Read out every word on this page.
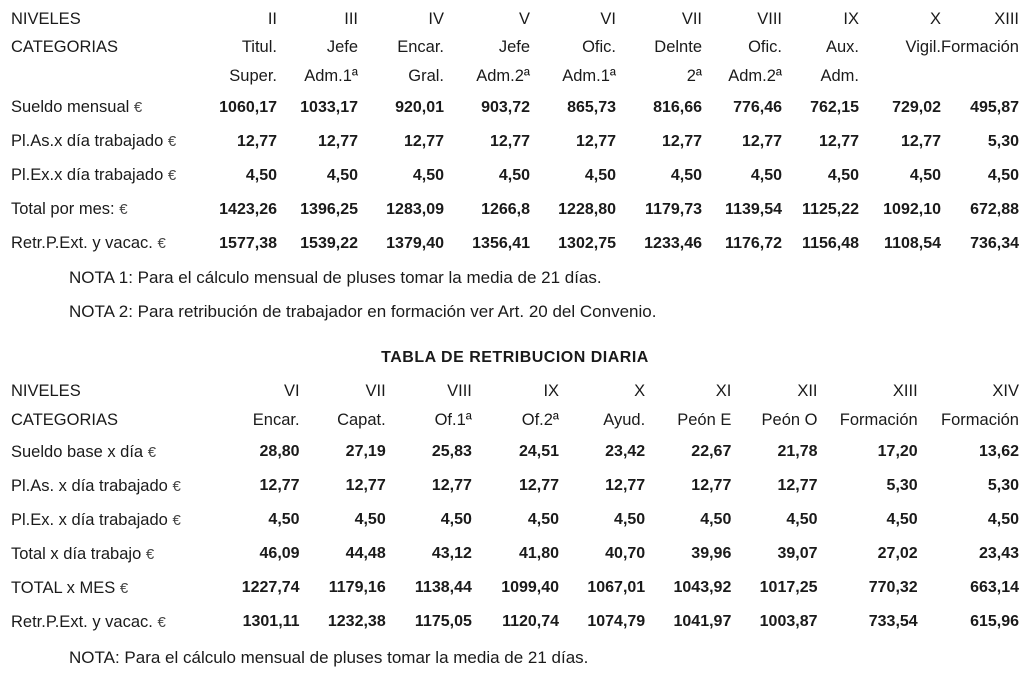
NIVELES	II	III	IV	V	VI	VII	VIII	IX	X	XIII
CATEGORIAS	Titul.	Jefe	Encar.	Jefe	Ofic.	Delnte	Ofic.	Aux.	Vigil.	Formación
	Super.	Adm.1ª	Gral.	Adm.2ª	Adm.1ª	2ª	Adm.2ª	Adm.		
Sueldo mensual €	1060,17	1033,17	920,01	903,72	865,73	816,66	776,46	762,15	729,02	495,87
Pl.As.x día trabajado €	12,77	12,77	12,77	12,77	12,77	12,77	12,77	12,77	12,77	5,30
Pl.Ex.x día trabajado €	4,50	4,50	4,50	4,50	4,50	4,50	4,50	4,50	4,50	4,50
Total por mes: €	1423,26	1396,25	1283,09	1266,8	1228,80	1179,73	1139,54	1125,22	1092,10	672,88
Retr.P.Ext. y vacac. €	1577,38	1539,22	1379,40	1356,41	1302,75	1233,46	1176,72	1156,48	1108,54	736,34
NOTA 1: Para el cálculo mensual de pluses tomar la media de 21 días.
NOTA 2: Para retribución de trabajador en formación ver Art. 20 del Convenio.
TABLA DE RETRIBUCION DIARIA
NIVELES	VI	VII	VIII	IX	X	XI	XII	XIII	XIV
CATEGORIAS	Encar.	Capat.	Of.1ª	Of.2ª	Ayud.	Peón E	Peón O	Formación	Formación
Sueldo base x día €	28,80	27,19	25,83	24,51	23,42	22,67	21,78	17,20	13,62
Pl.As. x día trabajado €	12,77	12,77	12,77	12,77	12,77	12,77	12,77	5,30	5,30
Pl.Ex. x día trabajado €	4,50	4,50	4,50	4,50	4,50	4,50	4,50	4,50	4,50
Total x día trabajo €	46,09	44,48	43,12	41,80	40,70	39,96	39,07	27,02	23,43
TOTAL x MES €	1227,74	1179,16	1138,44	1099,40	1067,01	1043,92	1017,25	770,32	663,14
Retr.P.Ext. y vacac. €	1301,11	1232,38	1175,05	1120,74	1074,79	1041,97	1003,87	733,54	615,96
NOTA: Para el cálculo mensual de pluses tomar la media de 21 días.
